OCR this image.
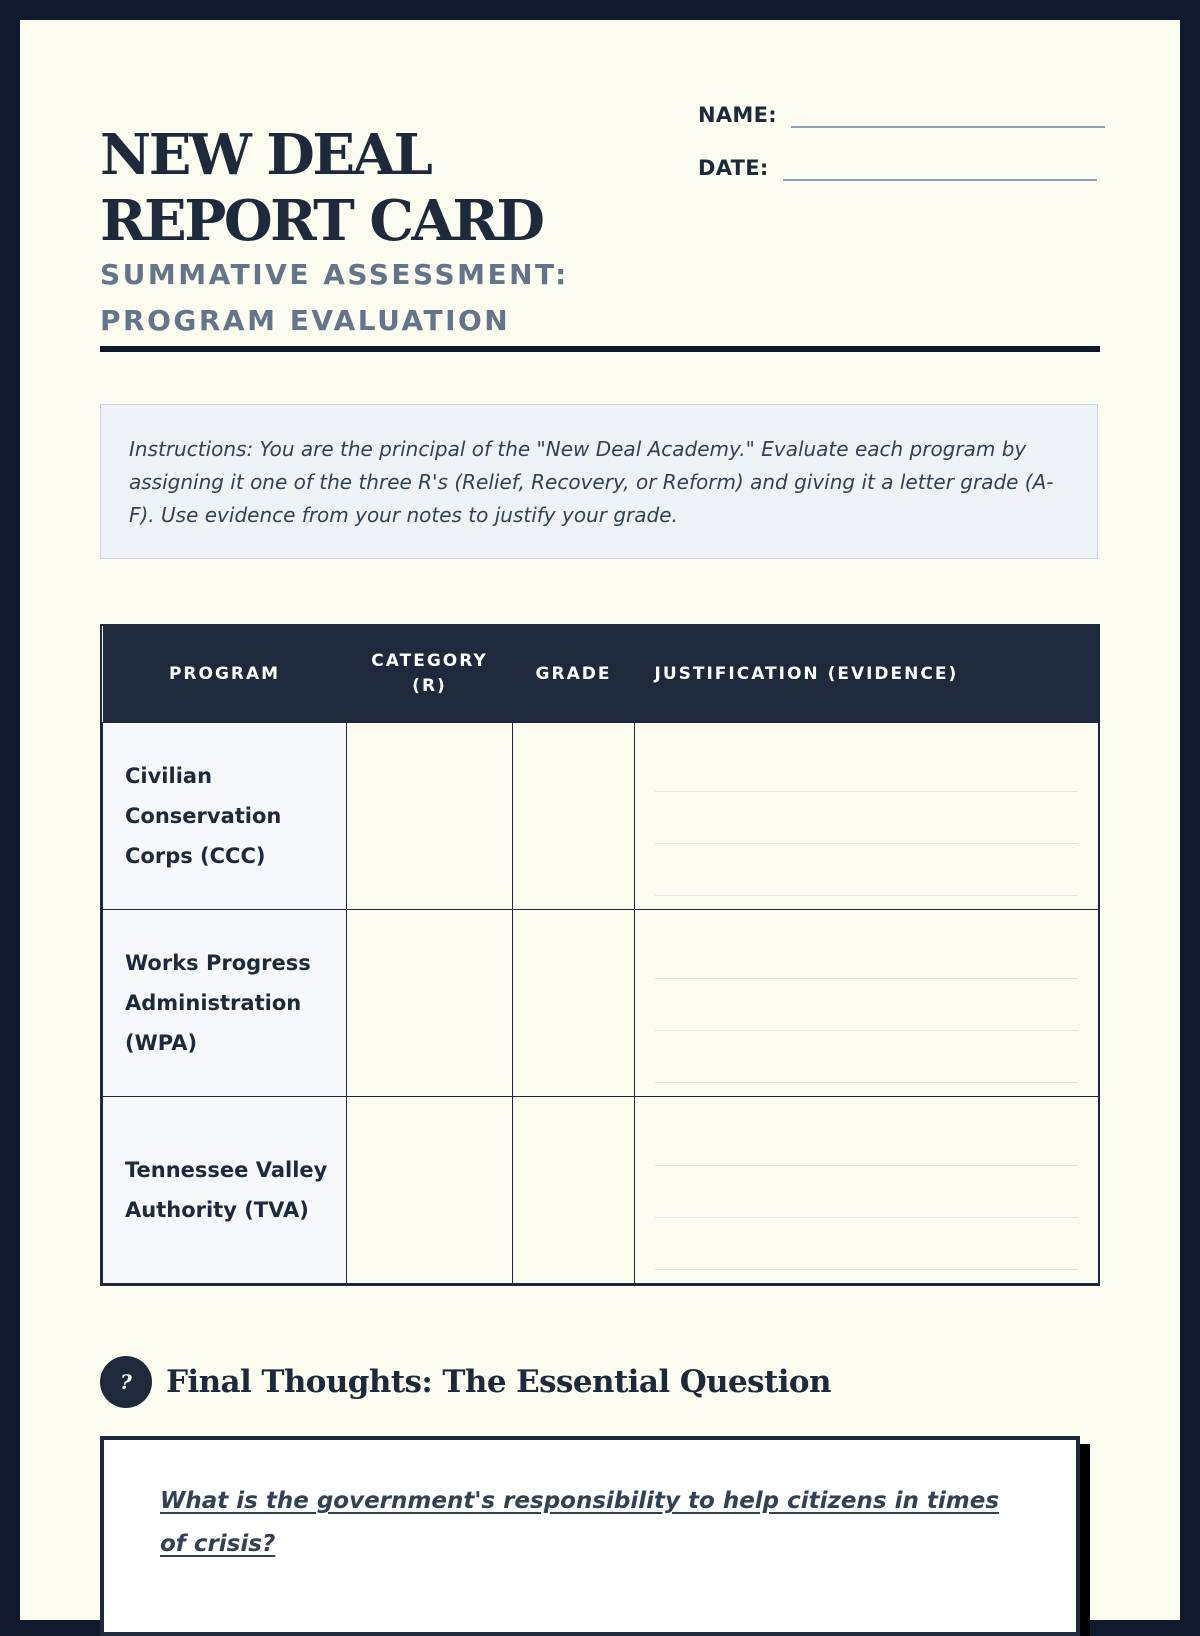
NEW DEAL REPORT CARD
SUMMATIVE ASSESSMENT: PROGRAM EVALUATION
NAME:
DATE:
Instructions: You are the principal of the "New Deal Academy." Evaluate each program by assigning it one of the three R's (Relief, Recovery, or Reform) and giving it a letter grade (A-F). Use evidence from your notes to justify your grade.
PROGRAM	CATEGORY (R)	GRADE	JUSTIFICATION (EVIDENCE)
Civilian Conservation Corps (CCC)			

Works Progress Administration (WPA)			

Tennessee Valley Authority (TVA)			
?	Final Thoughts: The Essential Question
What is the government's responsibility to help citizens in times of crisis?
